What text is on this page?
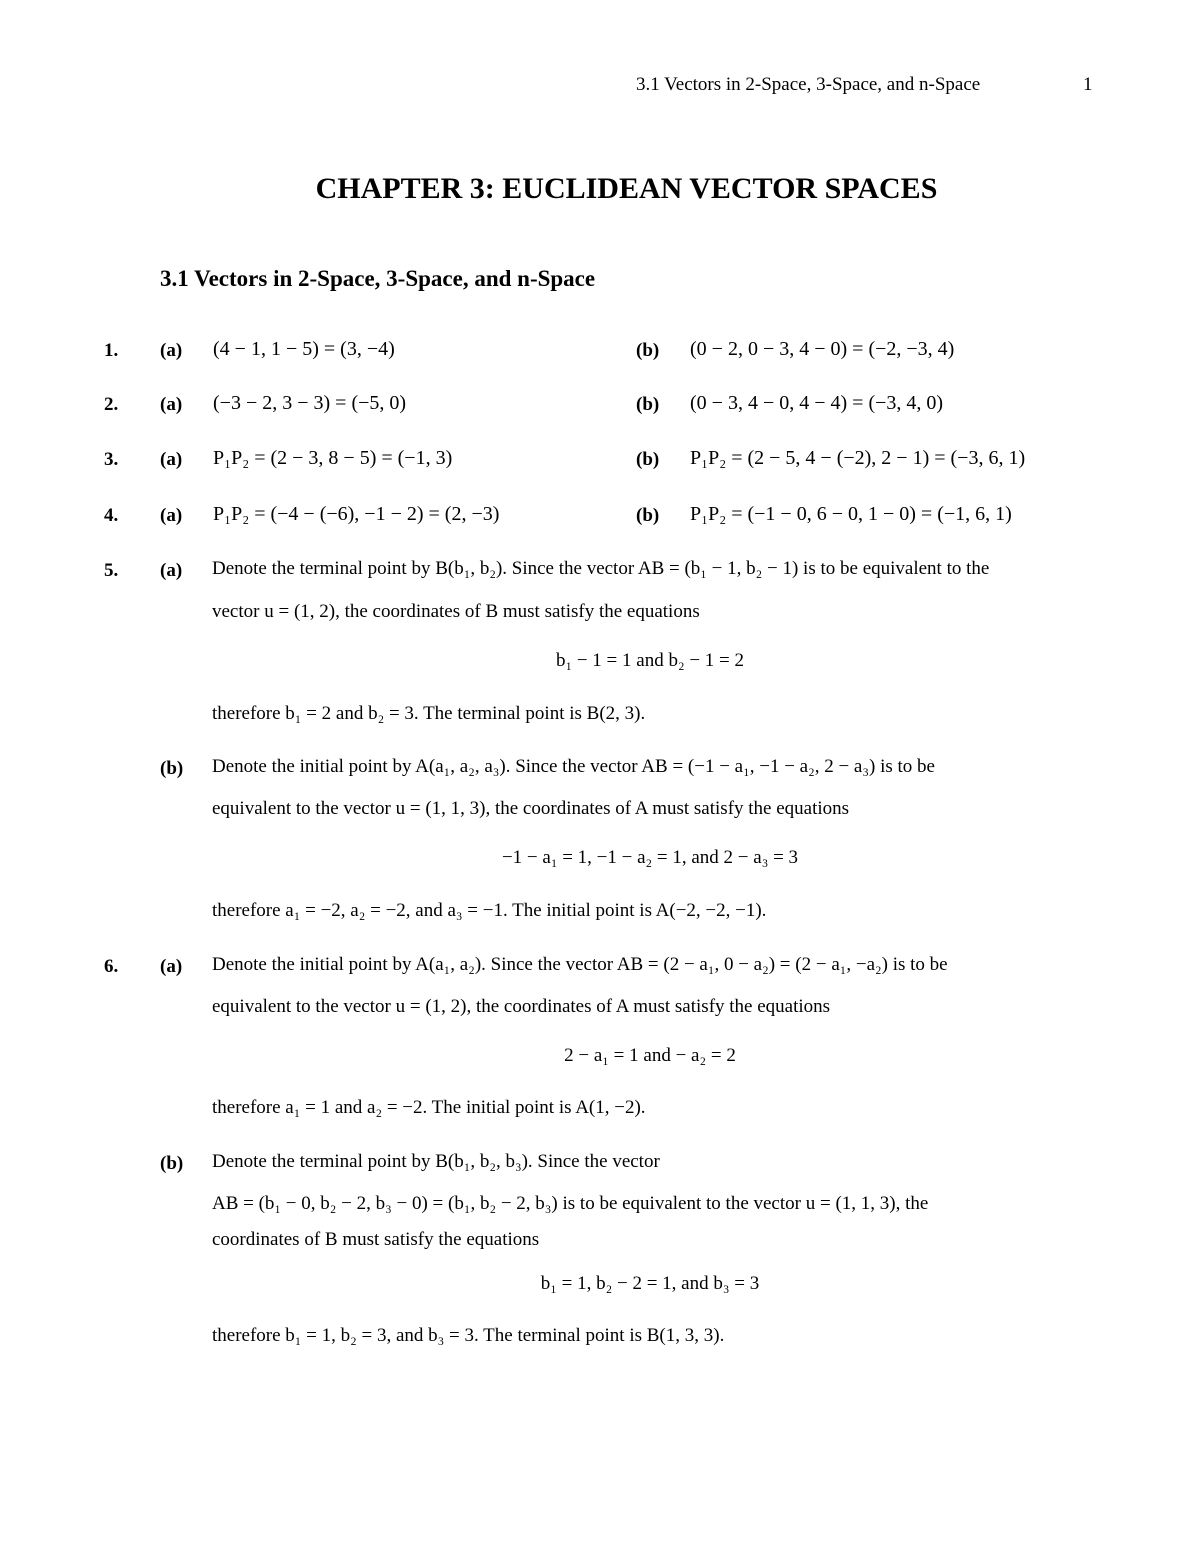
3.1 Vectors in 2-Space, 3-Space, and n-Space	1
CHAPTER 3: EUCLIDEAN VECTOR SPACES
3.1 Vectors in 2-Space, 3-Space, and n-Space
1. (a) (4 − 1, 1 − 5) = (3, −4)	(b) (0 − 2, 0 − 3, 4 − 0) = (−2, −3, 4)
2. (a) (−3 − 2, 3 − 3) = (−5, 0)	(b) (0 − 3, 4 − 0, 4 − 4) = (−3, 4, 0)
3. (a) P₁P₂ = (2 − 3, 8 − 5) = (−1, 3)	(b) P₁P₂ = (2 − 5, 4 − (−2), 2 − 1) = (−3, 6, 1)
4. (a) P₁P₂ = (−4 − (−6), −1 − 2) = (2, −3)	(b) P₁P₂ = (−1 − 0, 6 − 0, 1 − 0) = (−1, 6, 1)
5. (a) Denote the terminal point by B(b₁, b₂). Since the vector AB = (b₁ − 1, b₂ − 1) is to be equivalent to the
vector u = (1, 2), the coordinates of B must satisfy the equations
b₁ − 1 = 1 and b₂ − 1 = 2
therefore b₁ = 2 and b₂ = 3. The terminal point is B(2, 3).
(b) Denote the initial point by A(a₁, a₂, a₃). Since the vector AB = (−1 − a₁, −1 − a₂, 2 − a₃) is to be
equivalent to the vector u = (1, 1, 3), the coordinates of A must satisfy the equations
−1 − a₁ = 1, −1 − a₂ = 1, and 2 − a₃ = 3
therefore a₁ = −2, a₂ = −2, and a₃ = −1. The initial point is A(−2, −2, −1).
6. (a) Denote the initial point by A(a₁, a₂). Since the vector AB = (2 − a₁, 0 − a₂) = (2 − a₁, −a₂) is to be
equivalent to the vector u = (1, 2), the coordinates of A must satisfy the equations
2 − a₁ = 1 and − a₂ = 2
therefore a₁ = 1 and a₂ = −2. The initial point is A(1, −2).
(b) Denote the terminal point by B(b₁, b₂, b₃). Since the vector
AB = (b₁ − 0, b₂ − 2, b₃ − 0) = (b₁, b₂ − 2, b₃) is to be equivalent to the vector u = (1, 1, 3), the
coordinates of B must satisfy the equations
b₁ = 1, b₂ − 2 = 1, and b₃ = 3
therefore b₁ = 1, b₂ = 3, and b₃ = 3. The terminal point is B(1, 3, 3).
